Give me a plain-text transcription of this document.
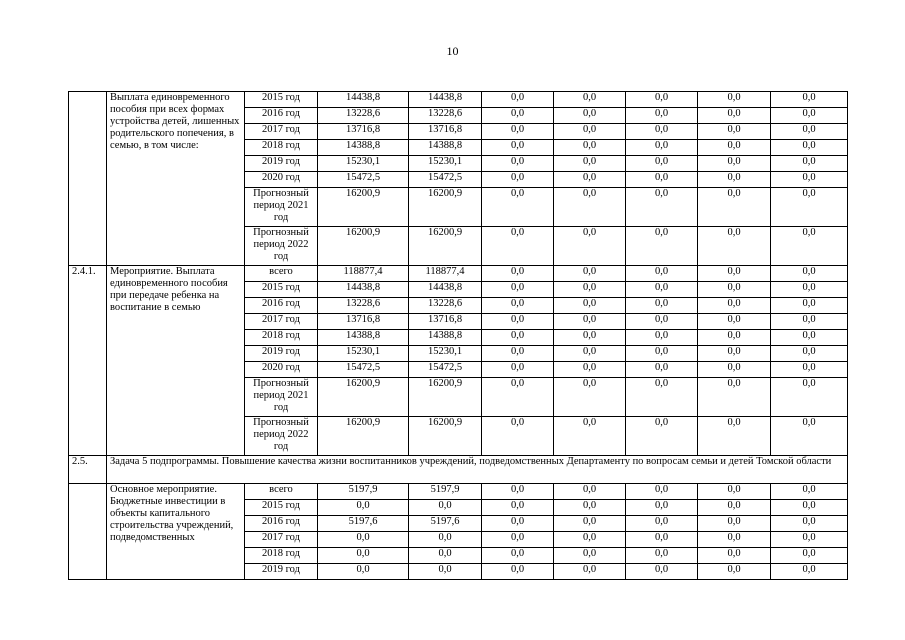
10
	Выплата единовременного пособия при всех формах устройства детей, лишенных родительского попечения, в семью, в том числе:	2015 год	14438,8	14438,8	0,0	0,0	0,0	0,0	0,0
		2016 год	13228,6	13228,6	0,0	0,0	0,0	0,0	0,0
		2017 год	13716,8	13716,8	0,0	0,0	0,0	0,0	0,0
		2018 год	14388,8	14388,8	0,0	0,0	0,0	0,0	0,0
		2019 год	15230,1	15230,1	0,0	0,0	0,0	0,0	0,0
		2020 год	15472,5	15472,5	0,0	0,0	0,0	0,0	0,0
		Прогнозный период 2021 год	16200,9	16200,9	0,0	0,0	0,0	0,0	0,0
		Прогнозный период 2022 год	16200,9	16200,9	0,0	0,0	0,0	0,0	0,0
2.4.1.	Мероприятие. Выплата единовременного пособия при передаче ребенка на воспитание в семью	всего	118877,4	118877,4	0,0	0,0	0,0	0,0	0,0
		2015 год	14438,8	14438,8	0,0	0,0	0,0	0,0	0,0
		2016 год	13228,6	13228,6	0,0	0,0	0,0	0,0	0,0
		2017 год	13716,8	13716,8	0,0	0,0	0,0	0,0	0,0
		2018 год	14388,8	14388,8	0,0	0,0	0,0	0,0	0,0
		2019 год	15230,1	15230,1	0,0	0,0	0,0	0,0	0,0
		2020 год	15472,5	15472,5	0,0	0,0	0,0	0,0	0,0
		Прогнозный период 2021 год	16200,9	16200,9	0,0	0,0	0,0	0,0	0,0
		Прогнозный период 2022 год	16200,9	16200,9	0,0	0,0	0,0	0,0	0,0
2.5.	Задача 5 подпрограммы. Повышение качества жизни воспитанников учреждений, подведомственных Департаменту по вопросам семьи и детей Томской области								
	Основное мероприятие. Бюджетные инвестиции в объекты капитального строительства учреждений, подведомственных	всего	5197,9	5197,9	0,0	0,0	0,0	0,0	0,0
		2015 год	0,0	0,0	0,0	0,0	0,0	0,0	0,0
		2016 год	5197,6	5197,6	0,0	0,0	0,0	0,0	0,0
		2017 год	0,0	0,0	0,0	0,0	0,0	0,0	0,0
		2018 год	0,0	0,0	0,0	0,0	0,0	0,0	0,0
		2019 год	0,0	0,0	0,0	0,0	0,0	0,0	0,0
